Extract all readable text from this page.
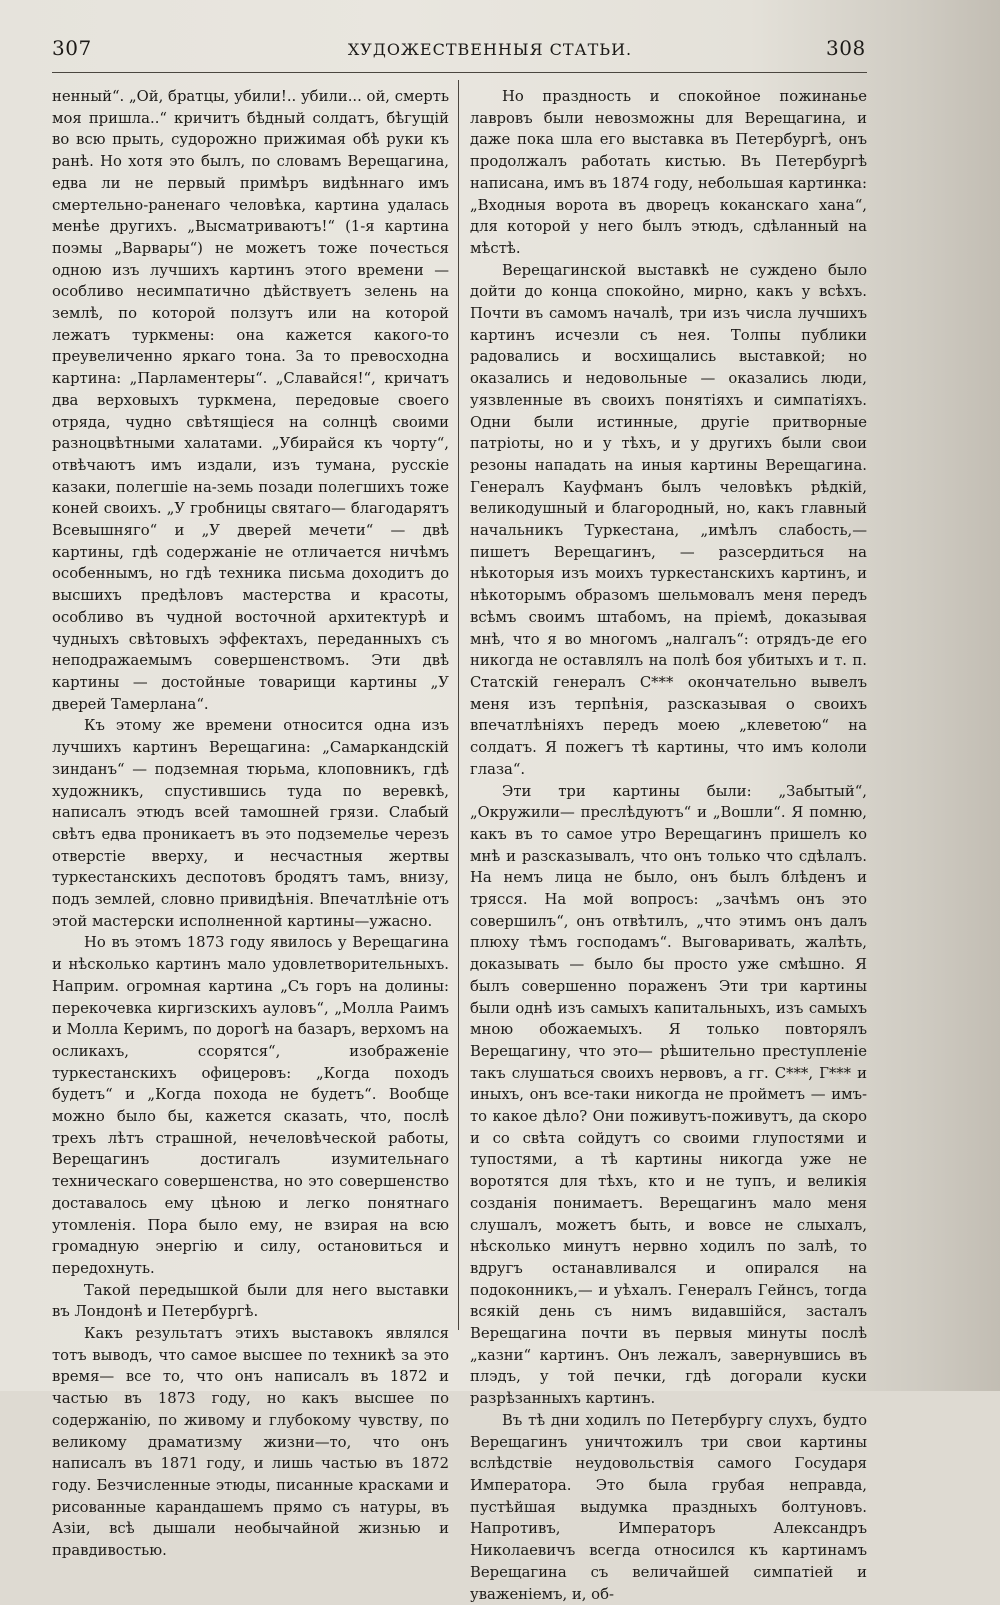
307	ХУДОЖЕСТВЕННЫЯ СТАТЬИ.	308

ненный“. „Ой, братцы, убили!.. убили... ой, смерть моя пришла..“ кричитъ бѣдный солдатъ, бѣгущій во всю прыть, судорожно прижимая обѣ руки къ ранѣ. Но хотя это былъ, по словамъ Верещагина, едва ли не первый примѣръ видѣннаго имъ смертельно-раненаго человѣка, картина удалась менѣе другихъ. „Высматриваютъ!“ (1-я картина поэмы „Варвары“) не можетъ тоже почесться одною изъ лучшихъ картинъ этого времени — особливо несимпатично дѣйствуетъ зелень на землѣ, по которой ползутъ или на которой лежатъ туркмены: она кажется какого-то преувеличенно яркаго тона. За то превосходна картина: „Парламентеры“. „Славайся!“, кричатъ два верховыхъ туркмена, передовые своего отряда, чудно свѣтящіеся на солнцѣ своими разноцвѣтными халатами. „Убирайся къ чорту“, отвѣчаютъ имъ издали, изъ тумана, русскіе казаки, полегшіе на-земь позади полегшихъ тоже коней своихъ. „У гробницы святаго— благодарятъ Всевышняго“ и „У дверей мечети“ — двѣ картины, гдѣ содержаніе не отличается ничѣмъ особеннымъ, но гдѣ техника письма доходитъ до высшихъ предѣловъ мастерства и красоты, особливо въ чудной восточной архитектурѣ и чудныхъ свѣтовыхъ эффектахъ, переданныхъ съ неподражаемымъ совершенствомъ. Эти двѣ картины — достойные товарищи картины „У дверей Тамерлана“.

Къ этому же времени относится одна изъ лучшихъ картинъ Верещагина: „Самаркандскій зинданъ“ — подземная тюрьма, клоповникъ, гдѣ художникъ, спустившись туда по веревкѣ, написалъ этюдъ всей тамошней грязи. Слабый свѣтъ едва проникаетъ въ это подземелье черезъ отверстіе вверху, и несчастныя жертвы туркестанскихъ деспотовъ бродятъ тамъ, внизу, подъ землей, словно привидѣнія. Впечатлѣніе отъ этой мастерски исполненной картины—ужасно.

Но въ этомъ 1873 году явилось у Верещагина и нѣсколько картинъ мало удовлетворительныхъ. Наприм. огромная картина „Съ горъ на долины: перекочевка киргизскихъ ауловъ“, „Молла Раимъ и Молла Керимъ, по дорогѣ на базаръ, верхомъ на осликахъ, ссорятся“, изображеніе туркестанскихъ офицеровъ: „Когда походъ будетъ“ и „Когда похода не будетъ“. Вообще можно было бы, кажется сказать, что, послѣ трехъ лѣтъ страшной, нечеловѣческой работы, Верещагинъ достигалъ изумительнаго техническаго совершенства, но это совершенство доставалось ему цѣною и легко понятнаго утомленія. Пора было ему, не взирая на всю громадную энергію и силу, остановиться и передохнуть.

Такой передышкой были для него выставки въ Лондонѣ и Петербургѣ.

Какъ результатъ этихъ выставокъ являлся тотъ выводъ, что самое высшее по техникѣ за это время— все то, что онъ написалъ въ 1872 и частью въ 1873 году, но какъ высшее по содержанію, по живому и глубокому чувству, по великому драматизму жизни—то, что онъ написалъ въ 1871 году, и лишь частью въ 1872 году. Безчисленные этюды, писанные красками и рисованные карандашемъ прямо съ натуры, въ Азіи, всѣ дышали необычайной жизнью и правдивостью.

Но праздность и спокойное пожинанье лавровъ были невозможны для Верещагина, и даже пока шла его выставка въ Петербургѣ, онъ продолжалъ работать кистью. Въ Петербургѣ написана, имъ въ 1874 году, небольшая картинка: „Входныя ворота въ дворецъ коканскаго хана“, для которой у него былъ этюдъ, сдѣланный на мѣстѣ.

Верещагинской выставкѣ не суждено было дойти до конца спокойно, мирно, какъ у всѣхъ. Почти въ самомъ началѣ, три изъ числа лучшихъ картинъ исчезли съ нея. Толпы публики радовались и восхищались выставкой; но оказались и недовольные — оказались люди, уязвленные въ своихъ понятіяхъ и симпатіяхъ. Одни были истинные, другіе притворные патріоты, но и у тѣхъ, и у другихъ были свои резоны нападать на иныя картины Верещагина. Генералъ Кауфманъ былъ человѣкъ рѣдкій, великодушный и благородный, но, какъ главный начальникъ Туркестана, „имѣлъ слабость,—пишетъ Верещагинъ, — разсердиться на нѣкоторыя изъ моихъ туркестанскихъ картинъ, и нѣкоторымъ образомъ шельмовалъ меня передъ всѣмъ своимъ штабомъ, на пріемѣ, доказывая мнѣ, что я во многомъ „налгалъ“: отрядъ-де его никогда не оставлялъ на полѣ боя убитыхъ и т. п. Статскій генералъ С*** окончательно вывелъ меня изъ терпѣнія, разсказывая о своихъ впечатлѣніяхъ передъ моею „клеветою“ на солдатъ. Я пожегъ тѣ картины, что имъ кололи глаза“.

Эти три картины были: „Забытый“, „Окружили— преслѣдуютъ“ и „Вошли“. Я помню, какъ въ то самое утро Верещагинъ пришелъ ко мнѣ и разсказывалъ, что онъ только что сдѣлалъ. На немъ лица не было, онъ былъ блѣденъ и трясся. На мой вопросъ: „зачѣмъ онъ это совершилъ“, онъ отвѣтилъ, „что этимъ онъ далъ плюху тѣмъ господамъ“. Выговаривать, жалѣть, доказывать — было бы просто уже смѣшно. Я былъ совершенно пораженъ Эти три картины были однѣ изъ самыхъ капитальныхъ, изъ самыхъ мною обожаемыхъ. Я только повторялъ Верещагину, что это— рѣшительно преступленіе такъ слушаться своихъ нервовъ, а гг. С***, Г*** и иныхъ, онъ все-таки никогда не пройметъ — имъ-то какое дѣло? Они поживутъ-поживутъ, да скоро и со свѣта сойдутъ со своими глупостями и тупостями, а тѣ картины никогда уже не воротятся для тѣхъ, кто и не тупъ, и великія созданія понимаетъ. Верещагинъ мало меня слушалъ, можетъ быть, и вовсе не слыхалъ, нѣсколько минутъ нервно ходилъ по залѣ, то вдругъ останавливался и опирался на подоконникъ,— и уѣхалъ. Генералъ Гейнсъ, тогда всякій день съ нимъ видавшійся, засталъ Верещагина почти въ первыя минуты послѣ „казни“ картинъ. Онъ лежалъ, завернувшись въ плэдъ, у той печки, гдѣ догорали куски разрѣзанныхъ картинъ.

Въ тѣ дни ходилъ по Петербургу слухъ, будто Верещагинъ уничтожилъ три свои картины вслѣдствіе неудовольствія самого Государя Императора. Это была грубая неправда, пустѣйшая выдумка праздныхъ болтуновъ. Напротивъ, Императоръ Александръ Николаевичъ всегда относился къ картинамъ Верещагина съ величайшей симпатіей и уваженіемъ, и, об-
